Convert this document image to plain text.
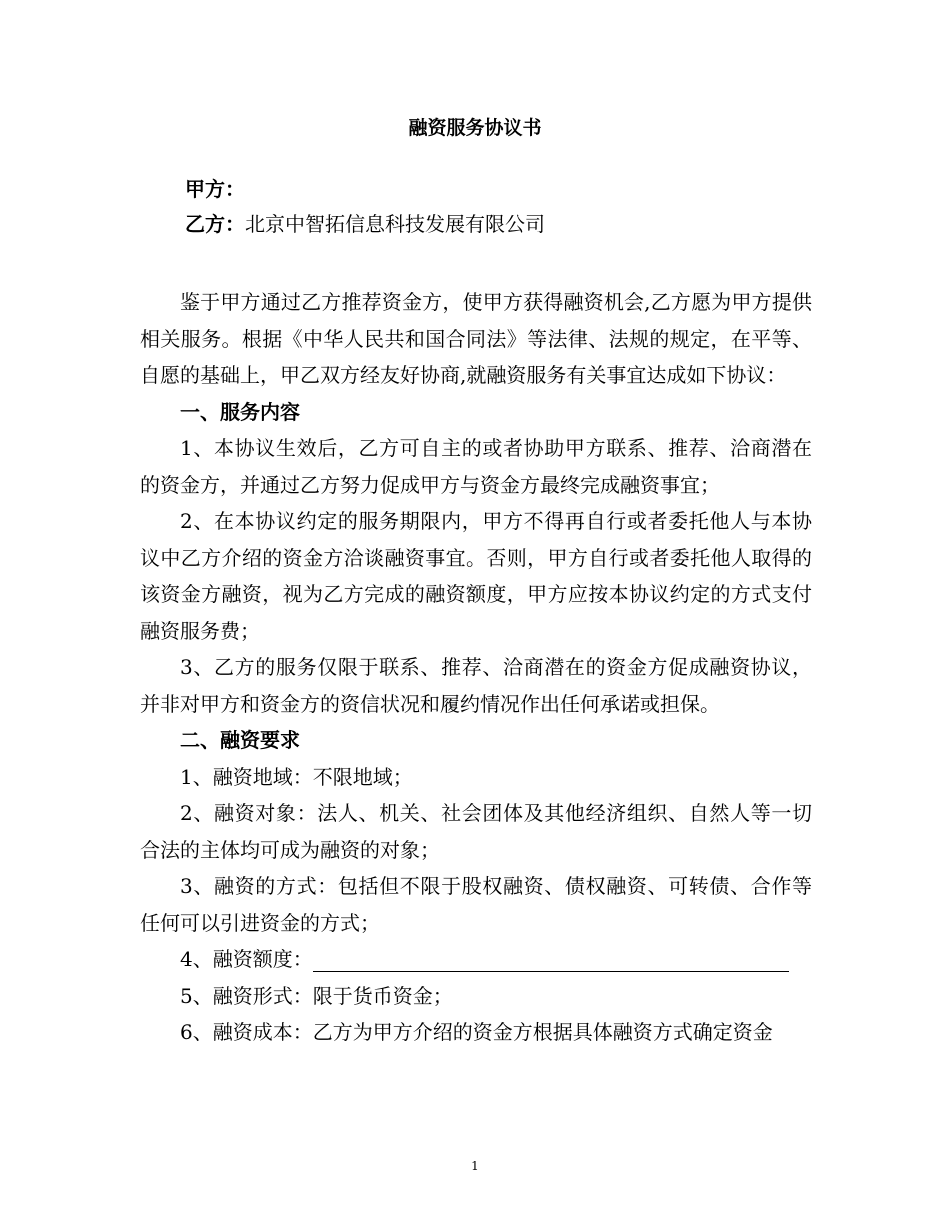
融资服务协议书
甲方：
乙方：北京中智拓信息科技发展有限公司

鉴于甲方通过乙方推荐资金方，使甲方获得融资机会,乙方愿为甲方提供相关服务。根据《中华人民共和国合同法》等法律、法规的规定，在平等、自愿的基础上，甲乙双方经友好协商,就融资服务有关事宜达成如下协议：

一、服务内容

1、本协议生效后，乙方可自主的或者协助甲方联系、推荐、洽商潜在的资金方，并通过乙方努力促成甲方与资金方最终完成融资事宜；

2、在本协议约定的服务期限内，甲方不得再自行或者委托他人与本协议中乙方介绍的资金方洽谈融资事宜。否则，甲方自行或者委托他人取得的该资金方融资，视为乙方完成的融资额度，甲方应按本协议约定的方式支付融资服务费；

3、乙方的服务仅限于联系、推荐、洽商潜在的资金方促成融资协议，并非对甲方和资金方的资信状况和履约情况作出任何承诺或担保。

二、融资要求

1、融资地域：不限地域；

2、融资对象：法人、机关、社会团体及其他经济组织、自然人等一切合法的主体均可成为融资的对象；

3、融资的方式：包括但不限于股权融资、债权融资、可转债、合作等任何可以引进资金的方式；

4、融资额度：

5、融资形式：限于货币资金；

6、融资成本：乙方为甲方介绍的资金方根据具体融资方式确定资金

1
